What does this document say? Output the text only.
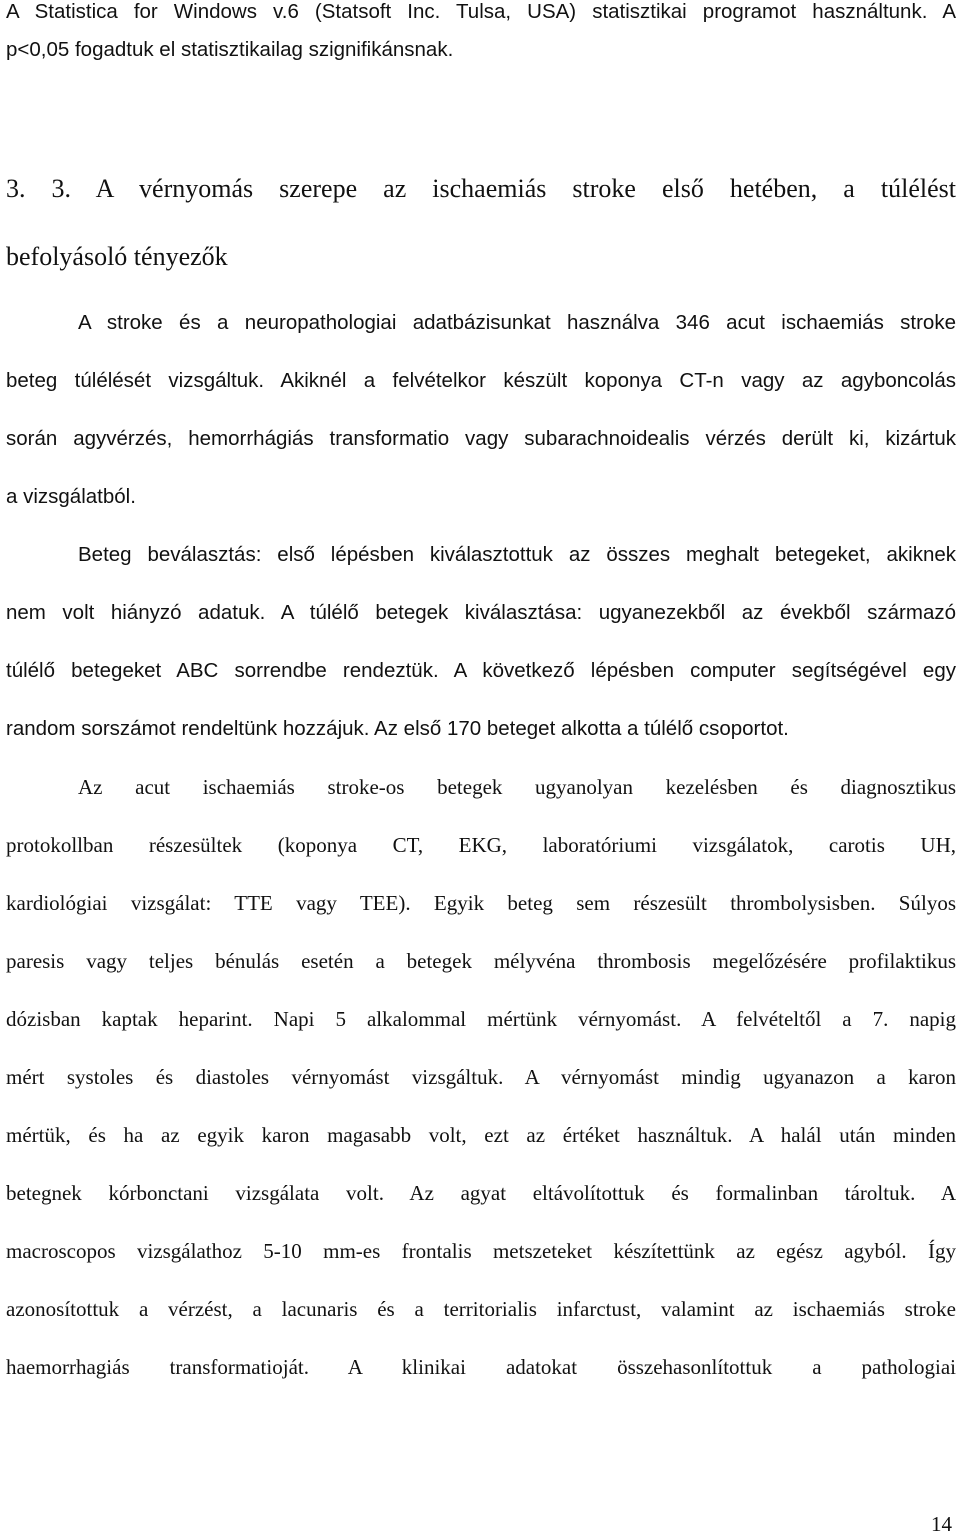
A Statistica for Windows v.6 (Statsoft Inc. Tulsa, USA) statisztikai programot használtunk. A
p<0,05 fogadtuk el statisztikailag szignifikánsnak.
3. 3. A vérnyomás szerepe az ischaemiás stroke első hetében, a túlélést
befolyásoló tényezők
A stroke és a neuropathologiai adatbázisunkat használva 346 acut ischaemiás stroke
beteg túlélését vizsgáltuk. Akiknél a felvételkor készült koponya CT-n vagy az agyboncolás
során agyvérzés, hemorrhágiás transformatio vagy subarachnoidealis vérzés derült ki, kizártuk
a vizsgálatból.
Beteg beválasztás: első lépésben kiválasztottuk az összes meghalt betegeket, akiknek
nem volt hiányzó adatuk. A túlélő betegek kiválasztása: ugyanezekből az évekből származó
túlélő betegeket ABC sorrendbe rendeztük. A következő lépésben computer segítségével egy
random sorszámot rendeltünk hozzájuk. Az első 170 beteget alkotta a túlélő csoportot.
Az acut ischaemiás stroke-os betegek ugyanolyan kezelésben és diagnosztikus
protokollban részesültek (koponya CT, EKG, laboratóriumi vizsgálatok, carotis UH,
kardiológiai vizsgálat: TTE vagy TEE). Egyik beteg sem részesült thrombolysisben. Súlyos
paresis vagy teljes bénulás esetén a betegek mélyvéna thrombosis megelőzésére profilaktikus
dózisban kaptak heparint. Napi 5 alkalommal mértünk vérnyomást. A felvételtől a 7. napig
mért systoles és diastoles vérnyomást vizsgáltuk. A vérnyomást mindig ugyanazon a karon
mértük, és ha az egyik karon magasabb volt, ezt az értéket használtuk. A halál után minden
betegnek kórbonctani vizsgálata volt. Az agyat eltávolítottuk és formalinban tároltuk. A
macroscopos vizsgálathoz 5-10 mm-es frontalis metszeteket készítettünk az egész agyból. Így
azonosítottuk a vérzést, a lacunaris és a territorialis infarctust, valamint az ischaemiás stroke
haemorrhagiás transformatioját. A klinikai adatokat összehasonlítottuk a pathologiai
14
